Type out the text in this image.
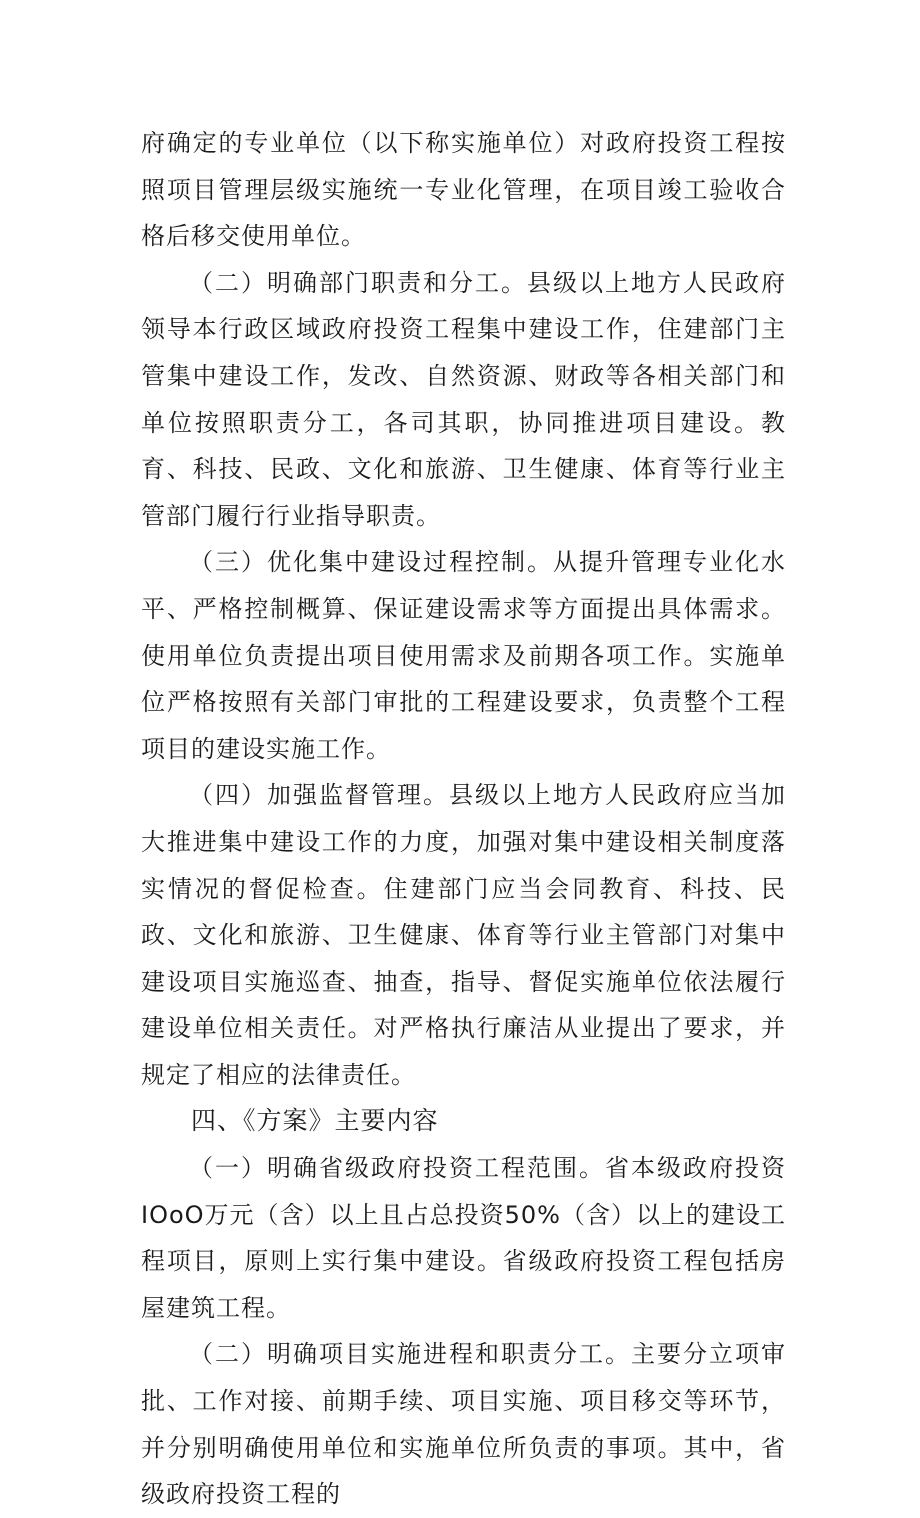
府确定的专业单位（以下称实施单位）对政府投资工程按照项目管理层级实施统一专业化管理，在项目竣工验收合格后移交使用单位。

（二）明确部门职责和分工。县级以上地方人民政府领导本行政区域政府投资工程集中建设工作，住建部门主管集中建设工作，发改、自然资源、财政等各相关部门和单位按照职责分工，各司其职，协同推进项目建设。教育、科技、民政、文化和旅游、卫生健康、体育等行业主管部门履行行业指导职责。

（三）优化集中建设过程控制。从提升管理专业化水平、严格控制概算、保证建设需求等方面提出具体需求。使用单位负责提出项目使用需求及前期各项工作。实施单位严格按照有关部门审批的工程建设要求，负责整个工程项目的建设实施工作。

（四）加强监督管理。县级以上地方人民政府应当加大推进集中建设工作的力度，加强对集中建设相关制度落实情况的督促检查。住建部门应当会同教育、科技、民政、文化和旅游、卫生健康、体育等行业主管部门对集中建设项目实施巡查、抽查，指导、督促实施单位依法履行建设单位相关责任。对严格执行廉洁从业提出了要求，并规定了相应的法律责任。

四、《方案》主要内容

（一）明确省级政府投资工程范围。省本级政府投资IOoO万元（含）以上且占总投资50%（含）以上的建设工程项目，原则上实行集中建设。省级政府投资工程包括房屋建筑工程。

（二）明确项目实施进程和职责分工。主要分立项审批、工作对接、前期手续、项目实施、项目移交等环节，并分别明确使用单位和实施单位所负责的事项。其中，省级政府投资工程的
